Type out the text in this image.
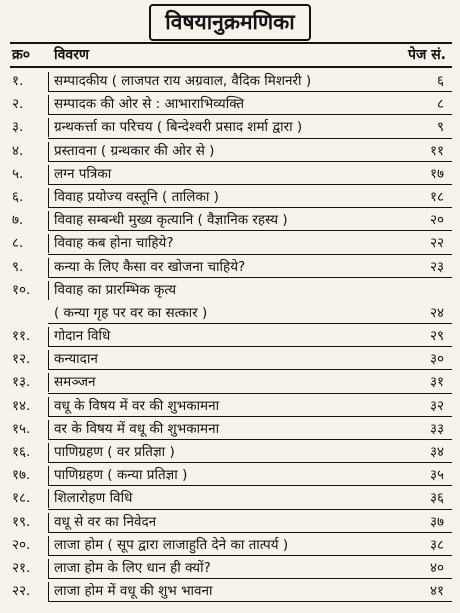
विषयानुक्रमणिका
क्र० विवरण	पेज सं.
१. सम्पादकीय ( लाजपत राय अग्रवाल, वैदिक मिशनरी )	६
२. सम्पादक की ओर से : आभाराभिव्यक्ति	८
३. ग्रन्थकर्त्ता का परिचय ( बिन्देश्वरी प्रसाद शर्मा द्वारा )	९
४. प्रस्तावना ( ग्रन्थकार की ओर से )	११
५. लग्न पत्रिका	१७
६. विवाह प्रयोज्य वस्तूनि ( तालिका )	१८
७. विवाह सम्बन्धी मुख्य कृत्यानि ( वैज्ञानिक रहस्य )	२०
८. विवाह कब होना चाहिये?	२२
९. कन्या के लिए कैसा वर खोजना चाहिये?	२३
१०. विवाह का प्रारम्भिक कृत्य
( कन्या गृह पर वर का सत्कार )	२४
११. गोदान विधि	२९
१२. कन्यादान	३०
१३. समञ्जन	३१
१४. वधू के विषय में वर की शुभकामना	३२
१५. वर के विषय में वधू की शुभकामना	३३
१६. पाणिग्रहण ( वर प्रतिज्ञा )	३४
१७. पाणिग्रहण ( कन्या प्रतिज्ञा )	३५
१८. शिलारोहण विधि	३६
१९. वधू से वर का निवेदन	३७
२०. लाजा होम ( सूप द्वारा लाजाहुति देने का तात्पर्य )	३८
२१. लाजा होम के लिए धान ही क्यों?	४०
२२. लाजा होम में वधू की शुभ भावना	४१
